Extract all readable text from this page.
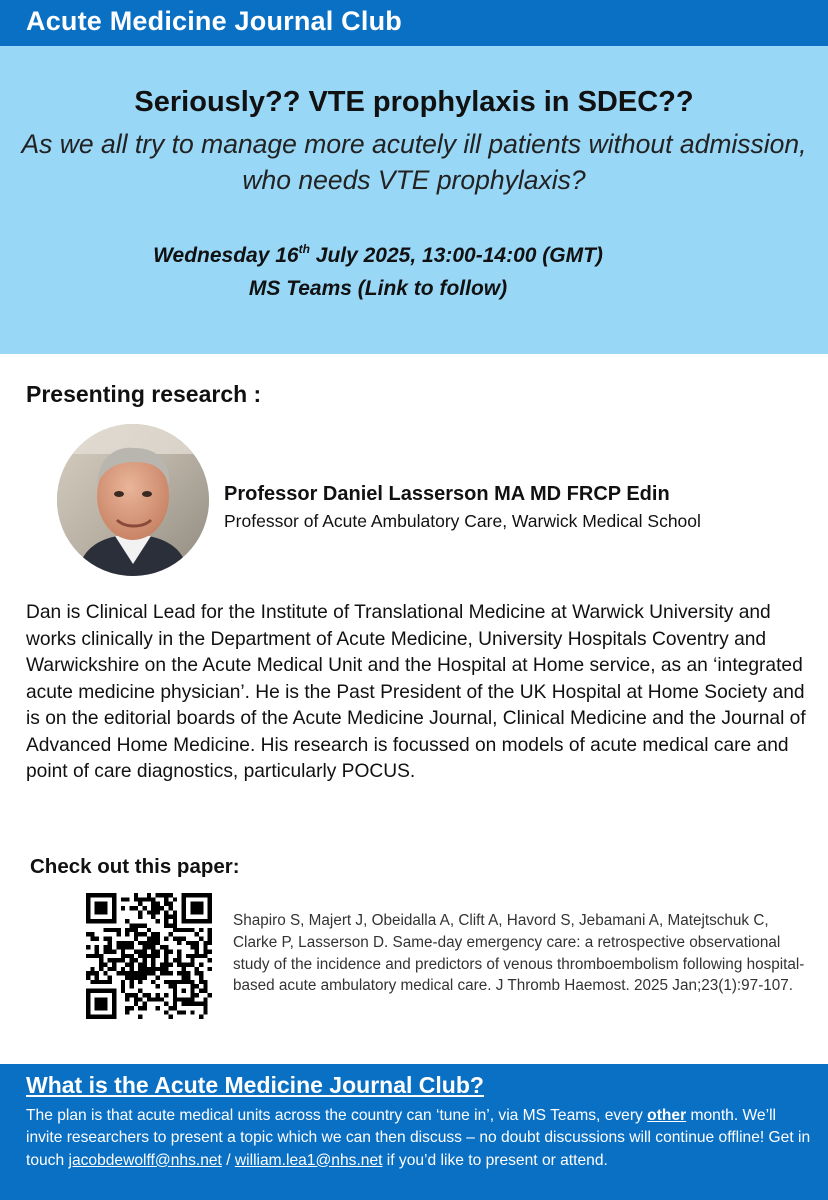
Acute Medicine Journal Club
Seriously?? VTE prophylaxis in SDEC??
As we all try to manage more acutely ill patients without admission, who needs VTE prophylaxis?
Wednesday 16th July 2025, 13:00-14:00 (GMT)
MS Teams (Link to follow)
Presenting research :
Professor Daniel Lasserson MA MD FRCP Edin
Professor of Acute Ambulatory Care, Warwick Medical School
Dan is Clinical Lead for the Institute of Translational Medicine at Warwick University and works clinically in the Department of Acute Medicine, University Hospitals Coventry and Warwickshire on the Acute Medical Unit and the Hospital at Home service, as an ‘integrated acute medicine physician’. He is the Past President of the UK Hospital at Home Society and is on the editorial boards of the Acute Medicine Journal, Clinical Medicine and the Journal of Advanced Home Medicine. His research is focussed on models of acute medical care and point of care diagnostics, particularly POCUS.
Check out this paper:
Shapiro S, Majert J, Obeidalla A, Clift A, Havord S, Jebamani A, Matejtschuk C, Clarke P, Lasserson D. Same-day emergency care: a retrospective observational study of the incidence and predictors of venous thromboembolism following hospital-based acute ambulatory medical care. J Thromb Haemost. 2025 Jan;23(1):97-107.
What is the Acute Medicine Journal Club?
The plan is that acute medical units across the country can ‘tune in’, via MS Teams, every other month. We’ll invite researchers to present a topic which we can then discuss – no doubt discussions will continue offline! Get in touch jacobdewolff@nhs.net / william.lea1@nhs.net if you’d like to present or attend.
